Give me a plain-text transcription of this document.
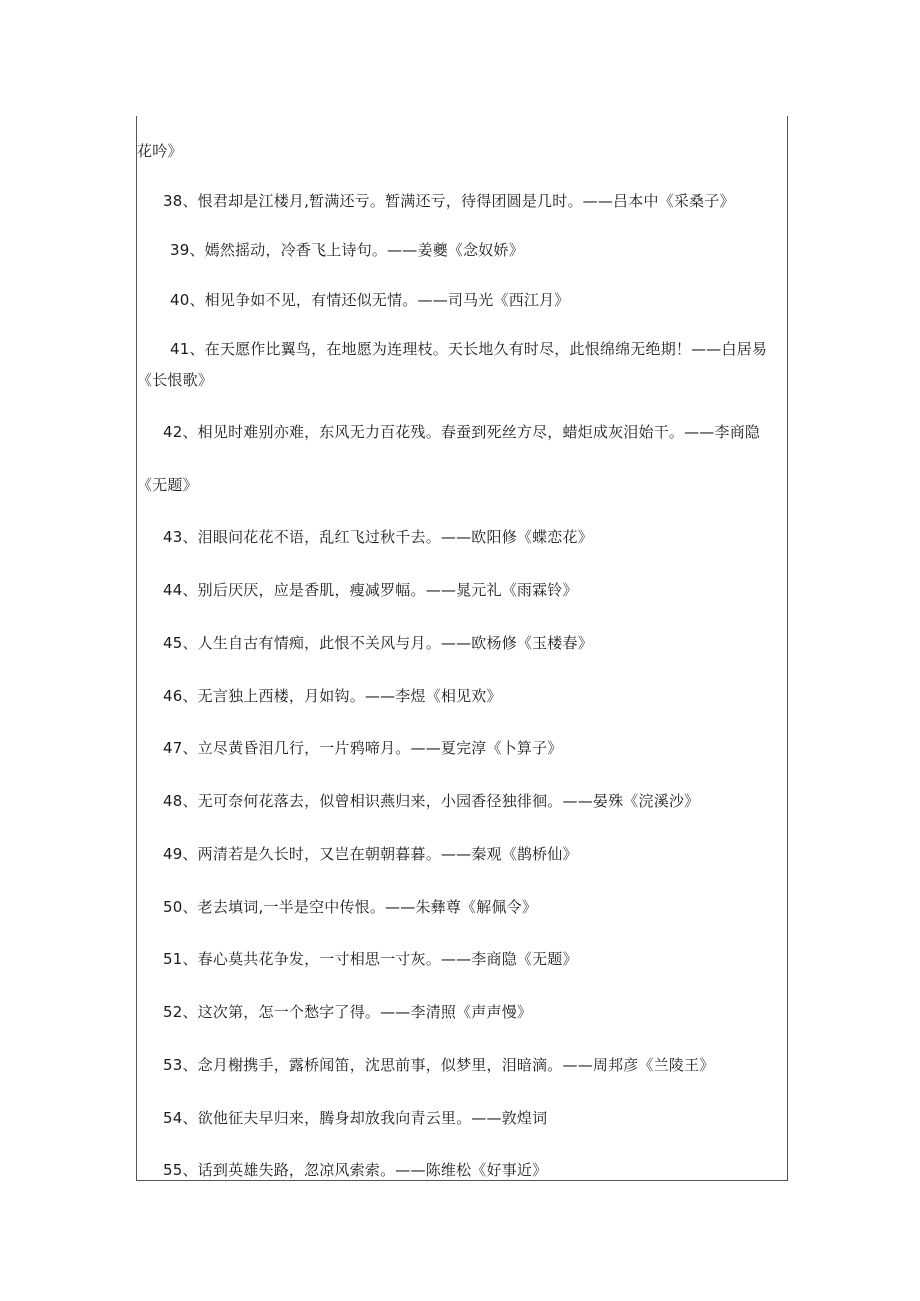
花吟》
38、恨君却是江楼月,暂满还亏。暂满还亏，待得团圆是几时。——吕本中《采桑子》
39、嫣然摇动，冷香飞上诗句。——姜夔《念奴娇》
40、相见争如不见，有情还似无情。——司马光《西江月》
41、在天愿作比翼鸟，在地愿为连理枝。天长地久有时尽，此恨绵绵无绝期！——白居易
《长恨歌》
42、相见时难别亦难，东风无力百花残。春蚕到死丝方尽，蜡炬成灰泪始干。——李商隐
《无题》
43、泪眼问花花不语，乱红飞过秋千去。——欧阳修《蝶恋花》
44、别后厌厌，应是香肌，瘦减罗幅。——晁元礼《雨霖铃》
45、人生自古有情痴，此恨不关风与月。——欧杨修《玉楼春》
46、无言独上西楼，月如钩。——李煜《相见欢》
47、立尽黄昏泪几行，一片鸦啼月。——夏完淳《卜算子》
48、无可奈何花落去，似曾相识燕归来，小园香径独徘徊。——晏殊《浣溪沙》
49、两清若是久长时，又岂在朝朝暮暮。——秦观《鹊桥仙》
50、老去填词,一半是空中传恨。——朱彝尊《解佩令》
51、春心莫共花争发，一寸相思一寸灰。——李商隐《无题》
52、这次第，怎一个愁字了得。——李清照《声声慢》
53、念月榭携手，露桥闻笛，沈思前事，似梦里，泪暗滴。——周邦彦《兰陵王》
54、欲他征夫早归来，腾身却放我向青云里。——敦煌词
55、话到英雄失路，忽凉风索索。——陈维松《好事近》
